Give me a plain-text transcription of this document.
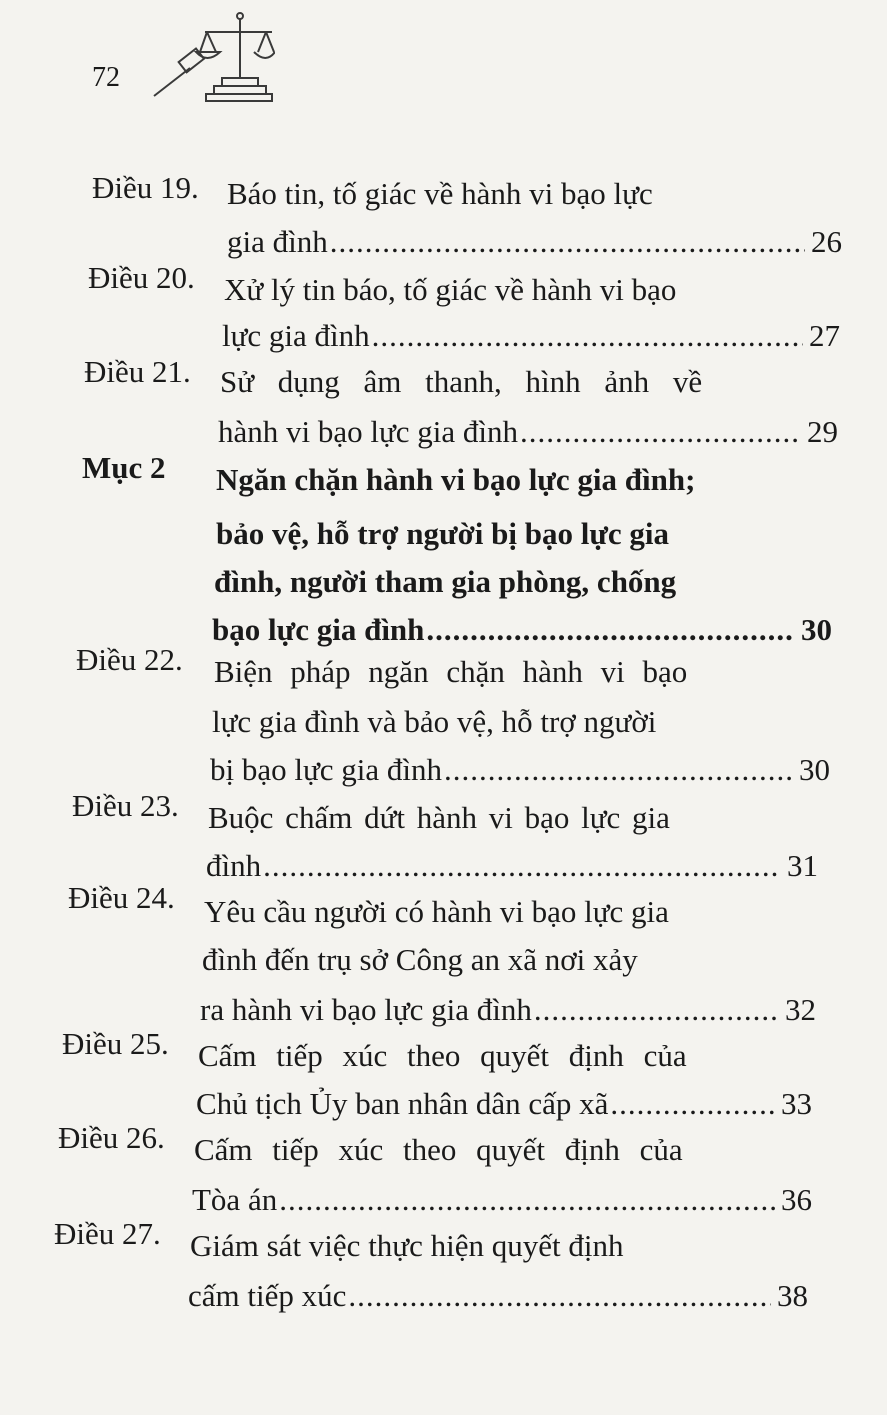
72
Điều 19. Báo tin, tố giác về hành vi bạo lực
gia đình .....	26
Điều 20. Xử lý tin báo, tố giác về hành vi bạo
lực gia đình .....	27
Điều 21. Sử dụng âm thanh, hình ảnh về
hành vi bạo lực gia đình .....	29
Mục 2 Ngăn chặn hành vi bạo lực gia đình;
bảo vệ, hỗ trợ người bị bạo lực gia
đình, người tham gia phòng, chống
bạo lực gia đình .....	30
Điều 22. Biện pháp ngăn chặn hành vi bạo
lực gia đình và bảo vệ, hỗ trợ người
bị bạo lực gia đình .....	30
Điều 23. Buộc chấm dứt hành vi bạo lực gia
đình .....	31
Điều 24. Yêu cầu người có hành vi bạo lực gia
đình đến trụ sở Công an xã nơi xảy
ra hành vi bạo lực gia đình .....	32
Điều 25. Cấm tiếp xúc theo quyết định của
Chủ tịch Ủy ban nhân dân cấp xã .....	33
Điều 26. Cấm tiếp xúc theo quyết định của
Tòa án .....	36
Điều 27. Giám sát việc thực hiện quyết định
cấm tiếp xúc .....	38
